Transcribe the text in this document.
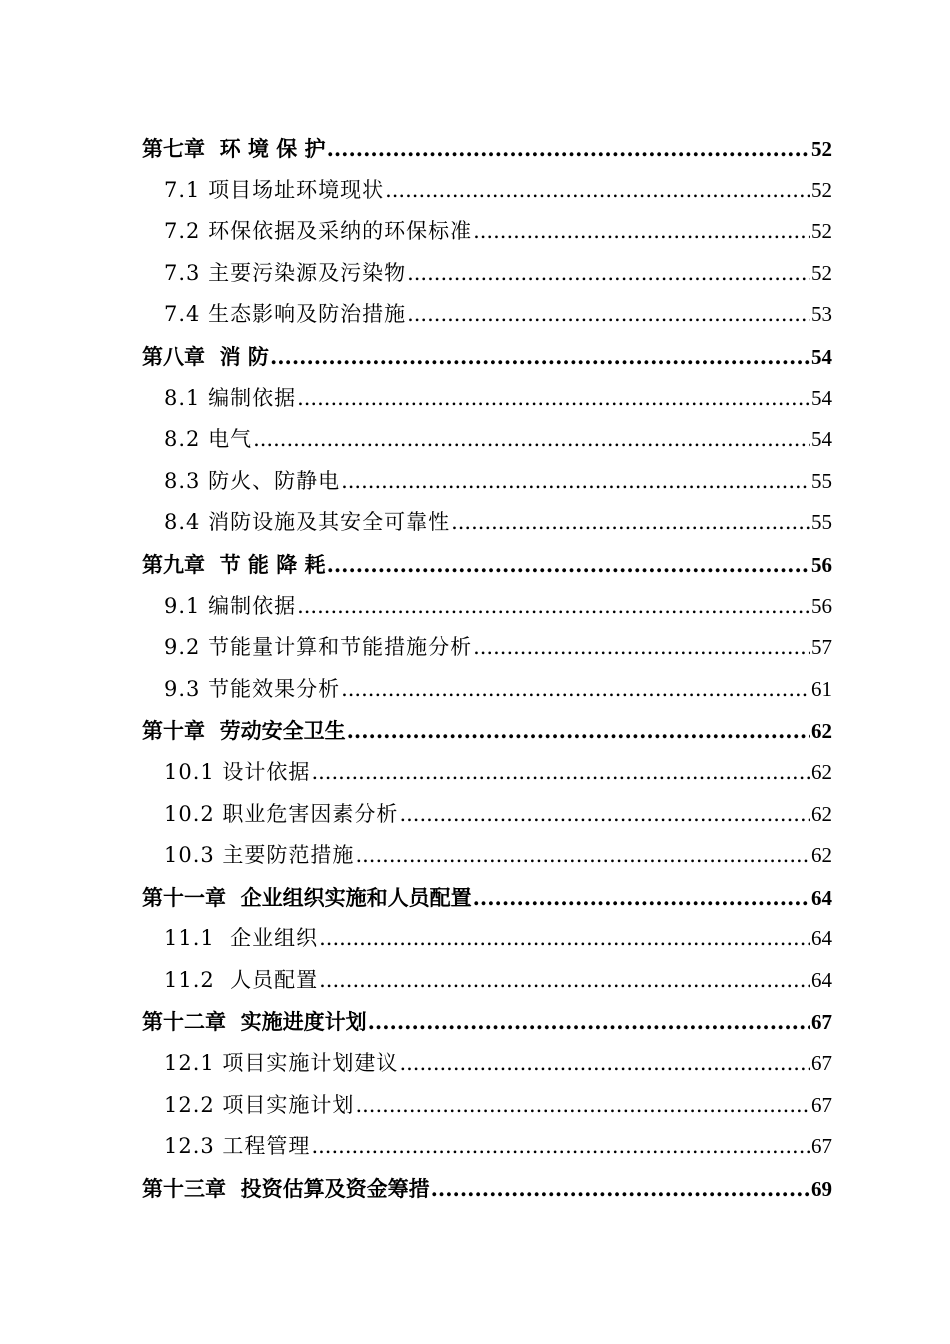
第七章  环 境 保 护 .....	52
7.1 项目场址环境现状 .....	52
7.2 环保依据及采纳的环保标准 .....	52
7.3 主要污染源及污染物 .....	52
7.4 生态影响及防治措施 .....	53
第八章  消 防 .....	54
8.1 编制依据 .....	54
8.2 电气 .....	54
8.3 防火、防静电 .....	55
8.4 消防设施及其安全可靠性 .....	55
第九章  节 能 降 耗 .....	56
9.1 编制依据 .....	56
9.2 节能量计算和节能措施分析 .....	57
9.3 节能效果分析 .....	61
第十章  劳动安全卫生 .....	62
10.1 设计依据 .....	62
10.2 职业危害因素分析 .....	62
10.3 主要防范措施 .....	62
第十一章  企业组织实施和人员配置 .....	64
11.1  企业组织 .....	64
11.2  人员配置 .....	64
第十二章  实施进度计划 .....	67
12.1 项目实施计划建议 .....	67
12.2 项目实施计划 .....	67
12.3 工程管理 .....	67
第十三章  投资估算及资金筹措 .....	69
